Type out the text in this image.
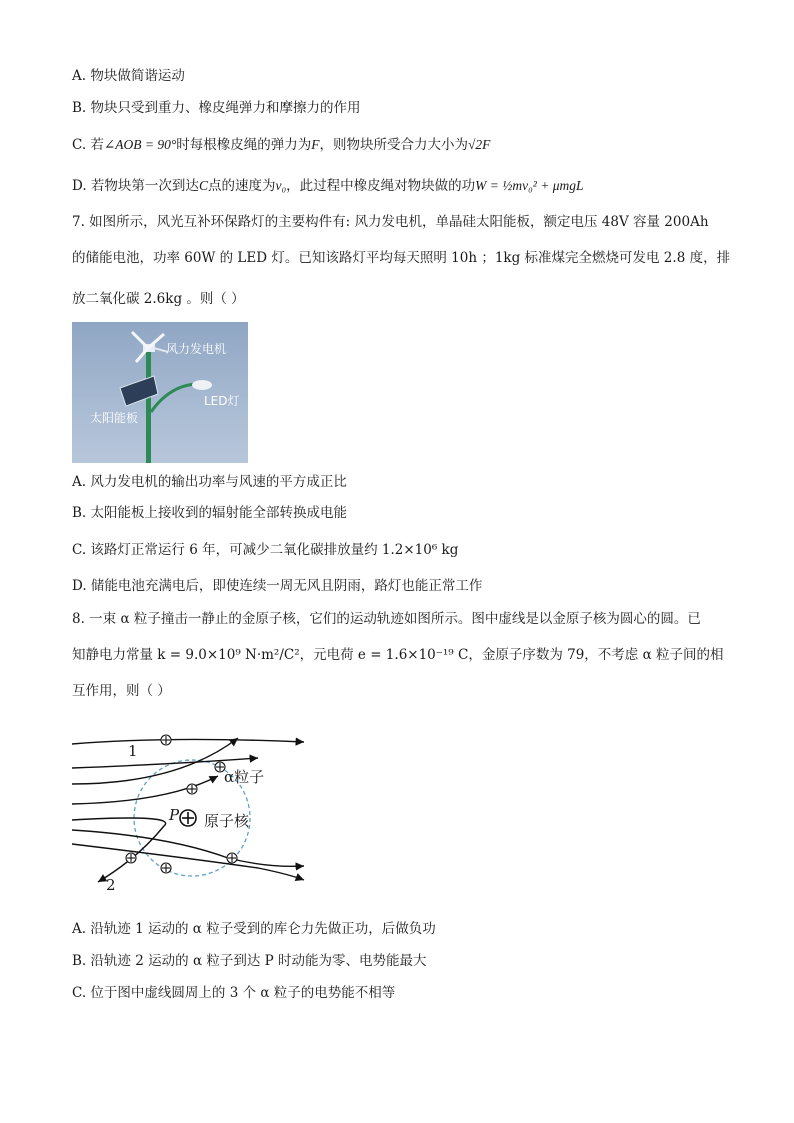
A. 物块做简谐运动
B. 物块只受到重力、橡皮绳弹力和摩擦力的作用
C. 若∠AOB = 90°时每根橡皮绳的弹力为F，则物块所受合力大小为√2F
D. 若物块第一次到达C点的速度为v₀，此过程中橡皮绳对物块做的功W = ½mv₀² + μmgL
7. 如图所示，风光互补环保路灯的主要构件有: 风力发电机，单晶硅太阳能板，额定电压 48V 容量 200Ah
的储能电池，功率 60W 的 LED 灯。已知该路灯平均每天照明 10h ；1kg 标准煤完全燃烧可发电 2.8 度，排
放二氧化碳 2.6kg 。则（ ）
风力发电机
LED灯
太阳能板
A. 风力发电机的输出功率与风速的平方成正比
B. 太阳能板上接收到的辐射能全部转换成电能
C. 该路灯正常运行 6 年，可减少二氧化碳排放量约 1.2×10⁶ kg
D. 储能电池充满电后，即使连续一周无风且阴雨，路灯也能正常工作
8. 一束 α 粒子撞击一静止的金原子核，它们的运动轨迹如图所示。图中虚线是以金原子核为圆心的圆。已
知静电力常量 k = 9.0×10⁹ N·m²/C²，元电荷 e = 1.6×10⁻¹⁹ C，金原子序数为 79，不考虑 α 粒子间的相
互作用，则（ ）
1
2
α粒子
P 原子核
A. 沿轨迹 1 运动的 α 粒子受到的库仑力先做正功，后做负功
B. 沿轨迹 2 运动的 α 粒子到达 P 时动能为零、电势能最大
C. 位于图中虚线圆周上的 3 个 α 粒子的电势能不相等
